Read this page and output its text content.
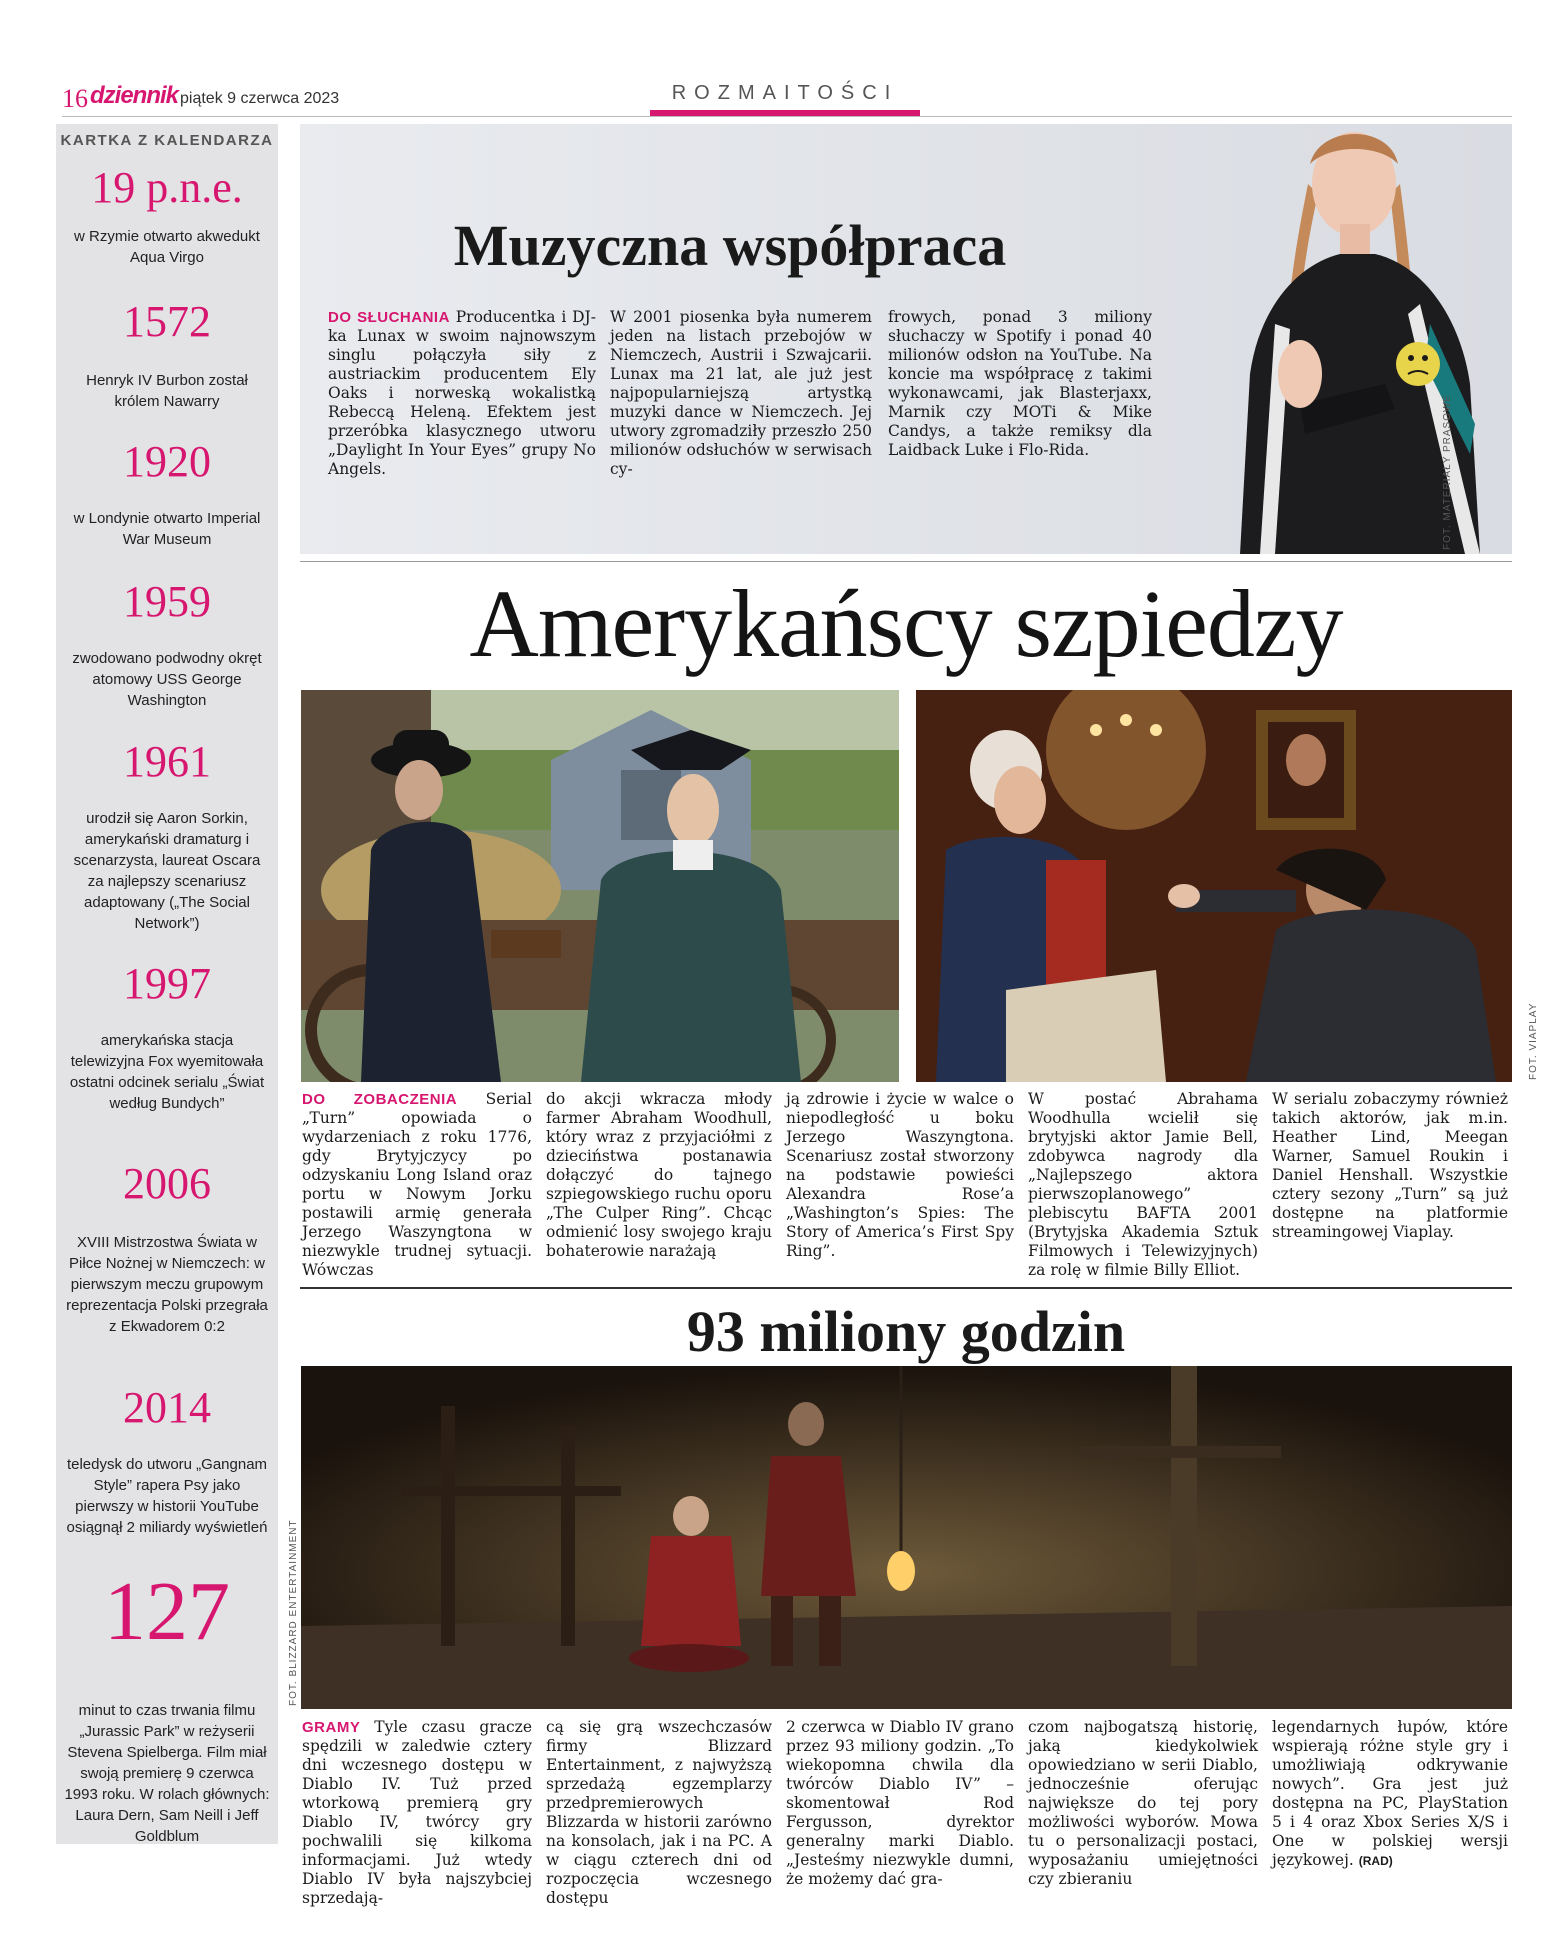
16 dziennik piątek 9 czerwca 2023	ROZMAITOŚCI
KARTKA Z KALENDARZA
19 p.n.e.
w Rzymie otwarto akwedukt Aqua Virgo
1572
Henryk IV Burbon został królem Nawarry
1920
w Londynie otwarto Imperial War Museum
1959
zwodowano podwodny okręt atomowy USS George Washington
1961
urodził się Aaron Sorkin, amerykański dramaturg i scenarzysta, laureat Oscara za najlepszy scenariusz adaptowany („The Social Network”)
1997
amerykańska stacja telewizyjna Fox wyemitowała ostatni odcinek serialu „Świat według Bundych”
2006
XVIII Mistrzostwa Świata w Piłce Nożnej w Niemczech: w pierwszym meczu grupowym reprezentacja Polski przegrała z Ekwadorem 0:2
2014
teledysk do utworu „Gangnam Style” rapera Psy jako pierwszy w historii YouTube osiągnął 2 miliardy wyświetleń
127
minut to czas trwania filmu „Jurassic Park” w reżyserii Stevena Spielberga. Film miał swoją premierę 9 czerwca 1993 roku. W rolach głównych: Laura Dern, Sam Neill i Jeff Goldblum
Muzyczna współpraca
DO SŁUCHANIA Producentka i DJ-ka Lunax w swoim najnowszym singlu połączyła siły z austriackim producentem Ely Oaks i norweską wokalistką Rebeccą Heleną. Efektem jest przeróbka klasycznego utworu „Daylight In Your Eyes” grupy No Angels.
W 2001 piosenka była numerem jeden na listach przebojów w Niemczech, Austrii i Szwajcarii. Lunax ma 21 lat, ale już jest najpopularniejszą artystką muzyki dance w Niemczech. Jej utwory zgromadziły przeszło 250 milionów odsłuchów w serwisach cy-
frowych, ponad 3 miliony słuchaczy w Spotify i ponad 40 milionów odsłon na YouTube. Na koncie ma współpracę z takimi wykonawcami, jak Blasterjaxx, Marnik czy MOTi & Mike Candys, a także remiksy dla Laidback Luke i Flo-Rida.	FOT. MATERIAŁY PRASOWE
Amerykańscy szpiedzy
FOT. VIAPLAY
DO ZOBACZENIA Serial „Turn” opowiada o wydarzeniach z roku 1776, gdy Brytyjczycy po odzyskaniu Long Island oraz portu w Nowym Jorku postawili armię generała Jerzego Waszyngtona w niezwykle trudnej sytuacji. Wówczas
do akcji wkracza młody farmer Abraham Woodhull, który wraz z przyjaciółmi z dzieciństwa postanawia dołączyć do tajnego szpiegowskiego ruchu oporu „The Culper Ring”. Chcąc odmienić losy swojego kraju bohaterowie narażają
ją zdrowie i życie w walce o niepodległość u boku Jerzego Waszyngtona. Scenariusz został stworzony na podstawie powieści Alexandra Rose’a „Washington’s Spies: The Story of America’s First Spy Ring”.
W postać Abrahama Woodhulla wcielił się brytyjski aktor Jamie Bell, zdobywca nagrody dla „Najlepszego aktora pierwszoplanowego” plebiscytu BAFTA 2001 (Brytyjska Akademia Sztuk Filmowych i Telewizyjnych) za rolę w filmie Billy Elliot.
W serialu zobaczymy również takich aktorów, jak m.in. Heather Lind, Meegan Warner, Samuel Roukin i Daniel Henshall. Wszystkie cztery sezony „Turn” są już dostępne na platformie streamingowej Viaplay.
93 miliony godzin
FOT. BLIZZARD ENTERTAINMENT
GRAMY Tyle czasu gracze spędzili w zaledwie cztery dni wczesnego dostępu w Diablo IV. Tuż przed wtorkową premierą gry Diablo IV, twórcy gry pochwalili się kilkoma informacjami. Już wtedy Diablo IV była najszybciej sprzedają-
cą się grą wszechczasów firmy Blizzard Entertainment, z najwyższą sprzedażą egzemplarzy przedpremierowych Blizzarda w historii zarówno na konsolach, jak i na PC. A w ciągu czterech dni od rozpoczęcia wczesnego dostępu
2 czerwca w Diablo IV grano przez 93 miliony godzin. „To wiekopomna chwila dla twórców Diablo IV” – skomentował Rod Fergusson, dyrektor generalny marki Diablo. „Jesteśmy niezwykle dumni, że możemy dać gra-
czom najbogatszą historię, jaką kiedykolwiek opowiedziano w serii Diablo, jednocześnie oferując największe do tej pory możliwości wyborów. Mowa tu o personalizacji postaci, wyposażaniu umiejętności czy zbieraniu
legendarnych łupów, które wspierają różne style gry i umożliwiają odkrywanie nowych”. Gra jest już dostępna na PC, PlayStation 5 i 4 oraz Xbox Series X/S i One w polskiej wersji językowej. (RAD)
